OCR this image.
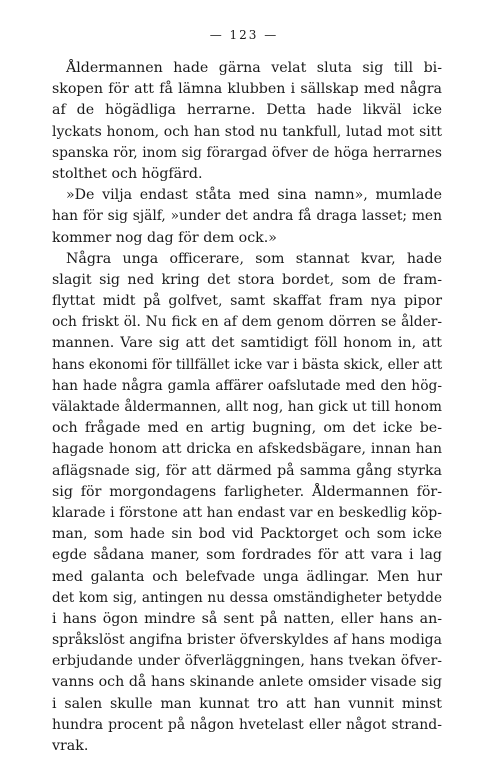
— 123 —
Åldermannen hade gärna velat sluta sig till bi-
skopen för att få lämna klubben i sällskap med några
af de högädliga herrarne. Detta hade likväl icke
lyckats honom, och han stod nu tankfull, lutad mot sitt
spanska rör, inom sig förargad öfver de höga herrarnes
stolthet och högfärd.
»De vilja endast ståta med sina namn», mumlade
han för sig själf, »under det andra få draga lasset; men
kommer nog dag för dem ock.»
Några unga officerare, som stannat kvar, hade
slagit sig ned kring det stora bordet, som de fram-
flyttat midt på golfvet, samt skaffat fram nya pipor
och friskt öl. Nu fick en af dem genom dörren se ålder-
mannen. Vare sig att det samtidigt föll honom in, att
hans ekonomi för tillfället icke var i bästa skick, eller att
han hade några gamla affärer oafslutade med den hög-
välaktade åldermannen, allt nog, han gick ut till honom
och frågade med en artig bugning, om det icke be-
hagade honom att dricka en afskedsbägare, innan han
aflägsnade sig, för att därmed på samma gång styrka
sig för morgondagens farligheter. Åldermannen för-
klarade i förstone att han endast var en beskedlig köp-
man, som hade sin bod vid Packtorget och som icke
egde sådana maner, som fordrades för att vara i lag
med galanta och belefvade unga ädlingar. Men hur
det kom sig, antingen nu dessa omständigheter betydde
i hans ögon mindre så sent på natten, eller hans an-
språkslöst angifna brister öfverskyldes af hans modiga
erbjudande under öfverläggningen, hans tvekan öfver-
vanns och då hans skinande anlete omsider visade sig
i salen skulle man kunnat tro att han vunnit minst
hundra procent på någon hvetelast eller något strand-
vrak.
